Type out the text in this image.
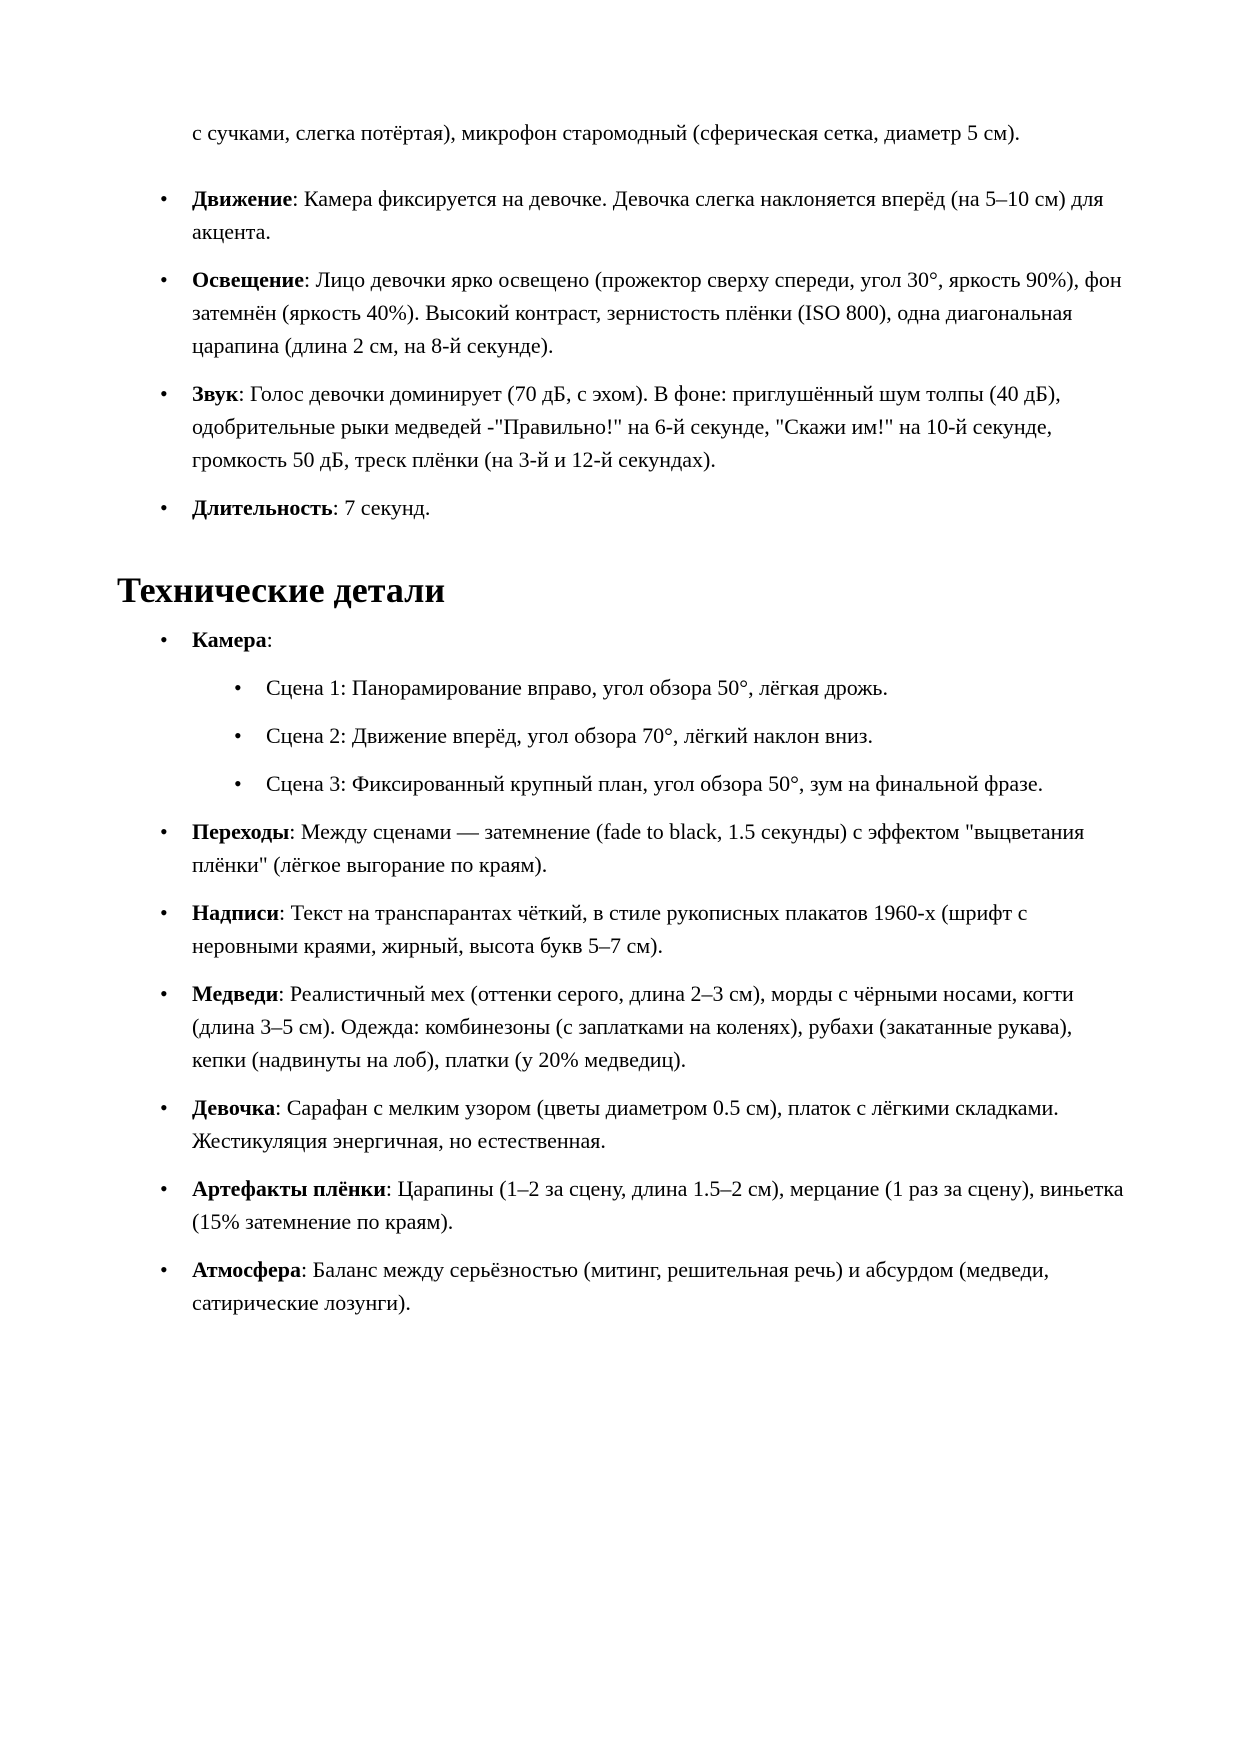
с сучками, слегка потёртая), микрофон старомодный (сферическая сетка, диаметр 5 см).

• Движение: Камера фиксируется на девочке. Девочка слегка наклоняется вперёд (на 5–10 см) для акцента.
• Освещение: Лицо девочки ярко освещено (прожектор сверху спереди, угол 30°, яркость 90%), фон затемнён (яркость 40%). Высокий контраст, зернистость плёнки (ISO 800), одна диагональная царапина (длина 2 см, на 8-й секунде).
• Звук: Голос девочки доминирует (70 дБ, с эхом). В фоне: приглушённый шум толпы (40 дБ), одобрительные рыки медведей -"Правильно!" на 6-й секунде, "Скажи им!" на 10-й секунде, громкость 50 дБ, треск плёнки (на 3-й и 12-й секундах).
• Длительность: 7 секунд.
Технические детали
• Камера:
• Сцена 1: Панорамирование вправо, угол обзора 50°, лёгкая дрожь.
• Сцена 2: Движение вперёд, угол обзора 70°, лёгкий наклон вниз.
• Сцена 3: Фиксированный крупный план, угол обзора 50°, зум на финальной фразе.
• Переходы: Между сценами — затемнение (fade to black, 1.5 секунды) с эффектом "выцветания плёнки" (лёгкое выгорание по краям).
• Надписи: Текст на транспарантах чёткий, в стиле рукописных плакатов 1960-х (шрифт с неровными краями, жирный, высота букв 5–7 см).
• Медведи: Реалистичный мех (оттенки серого, длина 2–3 см), морды с чёрными носами, когти (длина 3–5 см). Одежда: комбинезоны (с заплатками на коленях), рубахи (закатанные рукава), кепки (надвинуты на лоб), платки (у 20% медведиц).
• Девочка: Сарафан с мелким узором (цветы диаметром 0.5 см), платок с лёгкими складками. Жестикуляция энергичная, но естественная.
• Артефакты плёнки: Царапины (1–2 за сцену, длина 1.5–2 см), мерцание (1 раз за сцену), виньетка (15% затемнение по краям).
• Атмосфера: Баланс между серьёзностью (митинг, решительная речь) и абсурдом (медведи, сатирические лозунги).
